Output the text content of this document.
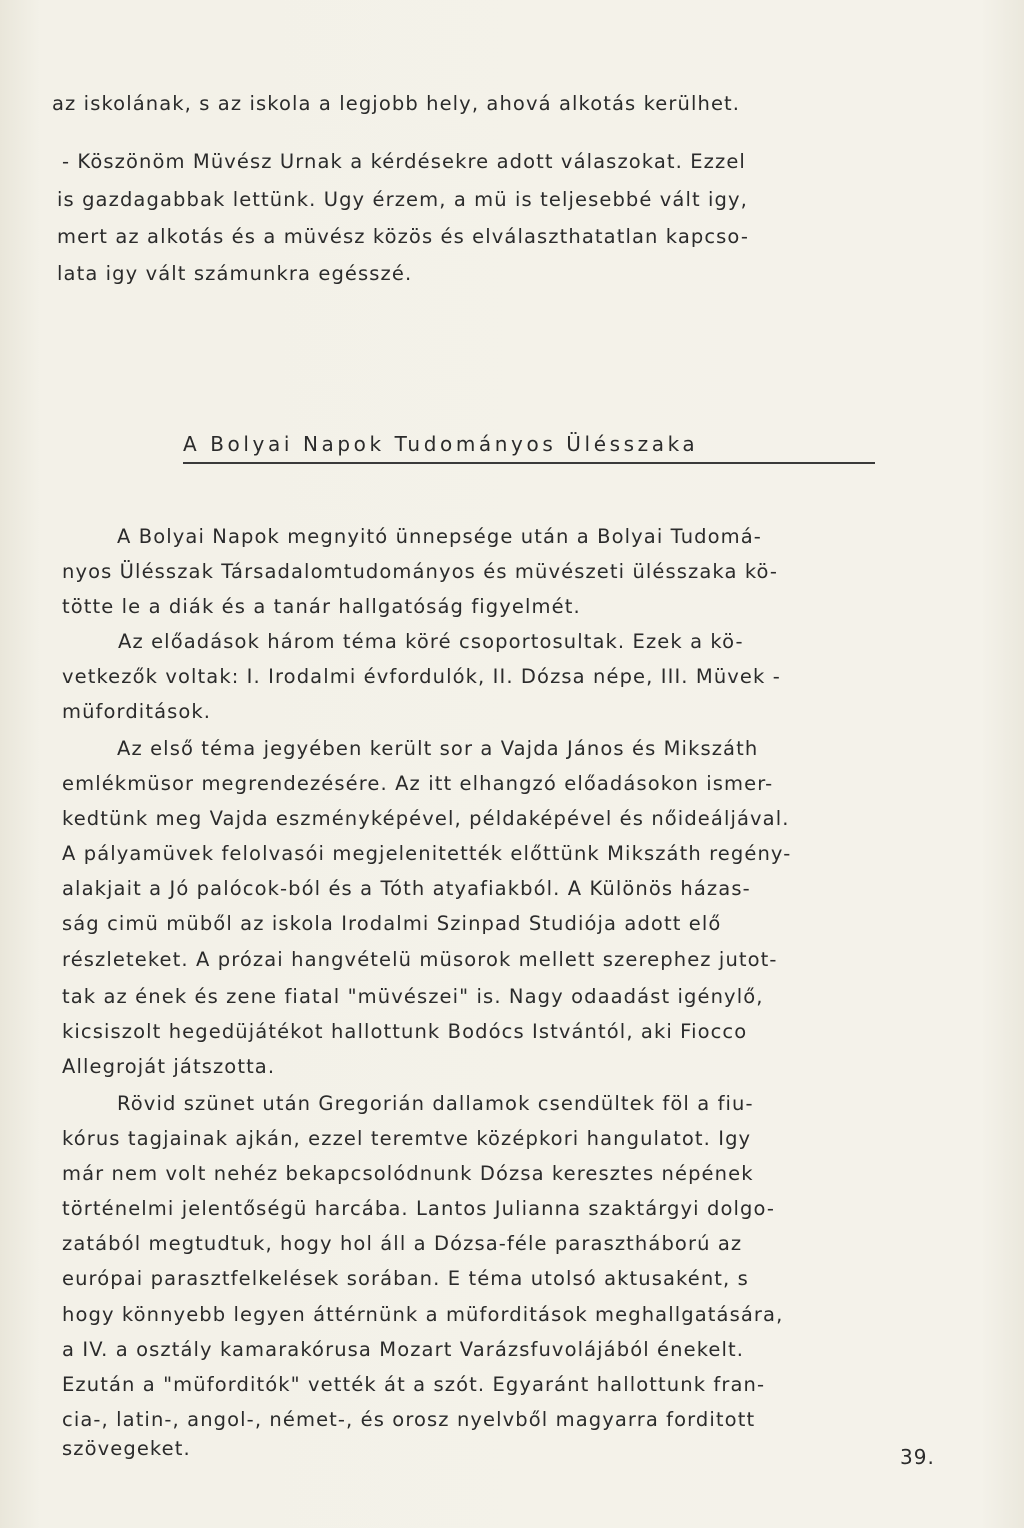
az iskolának, s az iskola a legjobb hely, ahová alkotás kerülhet.
- Köszönöm Müvész Urnak a kérdésekre adott válaszokat. Ezzel
is gazdagabbak lettünk. Ugy érzem, a mü is teljesebbé vált igy,
mert az alkotás és a müvész közös és elválaszthatatlan kapcso-
lata igy vált számunkra egésszé.
A Bolyai Napok Tudományos Ülésszaka
A Bolyai Napok megnyitó ünnepsége után a Bolyai Tudomá-
nyos Ülésszak Társadalomtudományos és müvészeti ülésszaka kö-
tötte le a diák és a tanár hallgatóság figyelmét.
Az előadások három téma köré csoportosultak. Ezek a kö-
vetkezők voltak: I. Irodalmi évfordulók, II. Dózsa népe, III. Müvek -
müforditások.
Az első téma jegyében került sor a Vajda János és Mikszáth
emlékmüsor megrendezésére. Az itt elhangzó előadásokon ismer-
kedtünk meg Vajda eszményképével, példaképével és nőideáljával.
A pályamüvek felolvasói megjelenitették előttünk Mikszáth regény-
alakjait a Jó palócok-ból és a Tóth atyafiakból. A Különös házas-
ság cimü müből az iskola Irodalmi Szinpad Studiója adott elő
részleteket. A prózai hangvételü müsorok mellett szerephez jutot-
tak az ének és zene fiatal "müvészei" is. Nagy odaadást igénylő,
kicsiszolt hegedüjátékot hallottunk Bodócs Istvántól, aki Fiocco
Allegroját játszotta.
Rövid szünet után Gregorián dallamok csendültek föl a fiu-
kórus tagjainak ajkán, ezzel teremtve középkori hangulatot. Igy
már nem volt nehéz bekapcsolódnunk Dózsa keresztes népének
történelmi jelentőségü harcába. Lantos Julianna szaktárgyi dolgo-
zatából megtudtuk, hogy hol áll a Dózsa-féle parasztháború az
európai parasztfelkelések sorában. E téma utolsó aktusaként, s
hogy könnyebb legyen áttérnünk a müforditások meghallgatására,
a IV. a osztály kamarakórusa Mozart Varázsfuvolájából énekelt.
Ezután a "müforditók" vették át a szót. Egyaránt hallottunk fran-
cia-, latin-, angol-, német-, és orosz nyelvből magyarra forditott
szövegeket.	39.
